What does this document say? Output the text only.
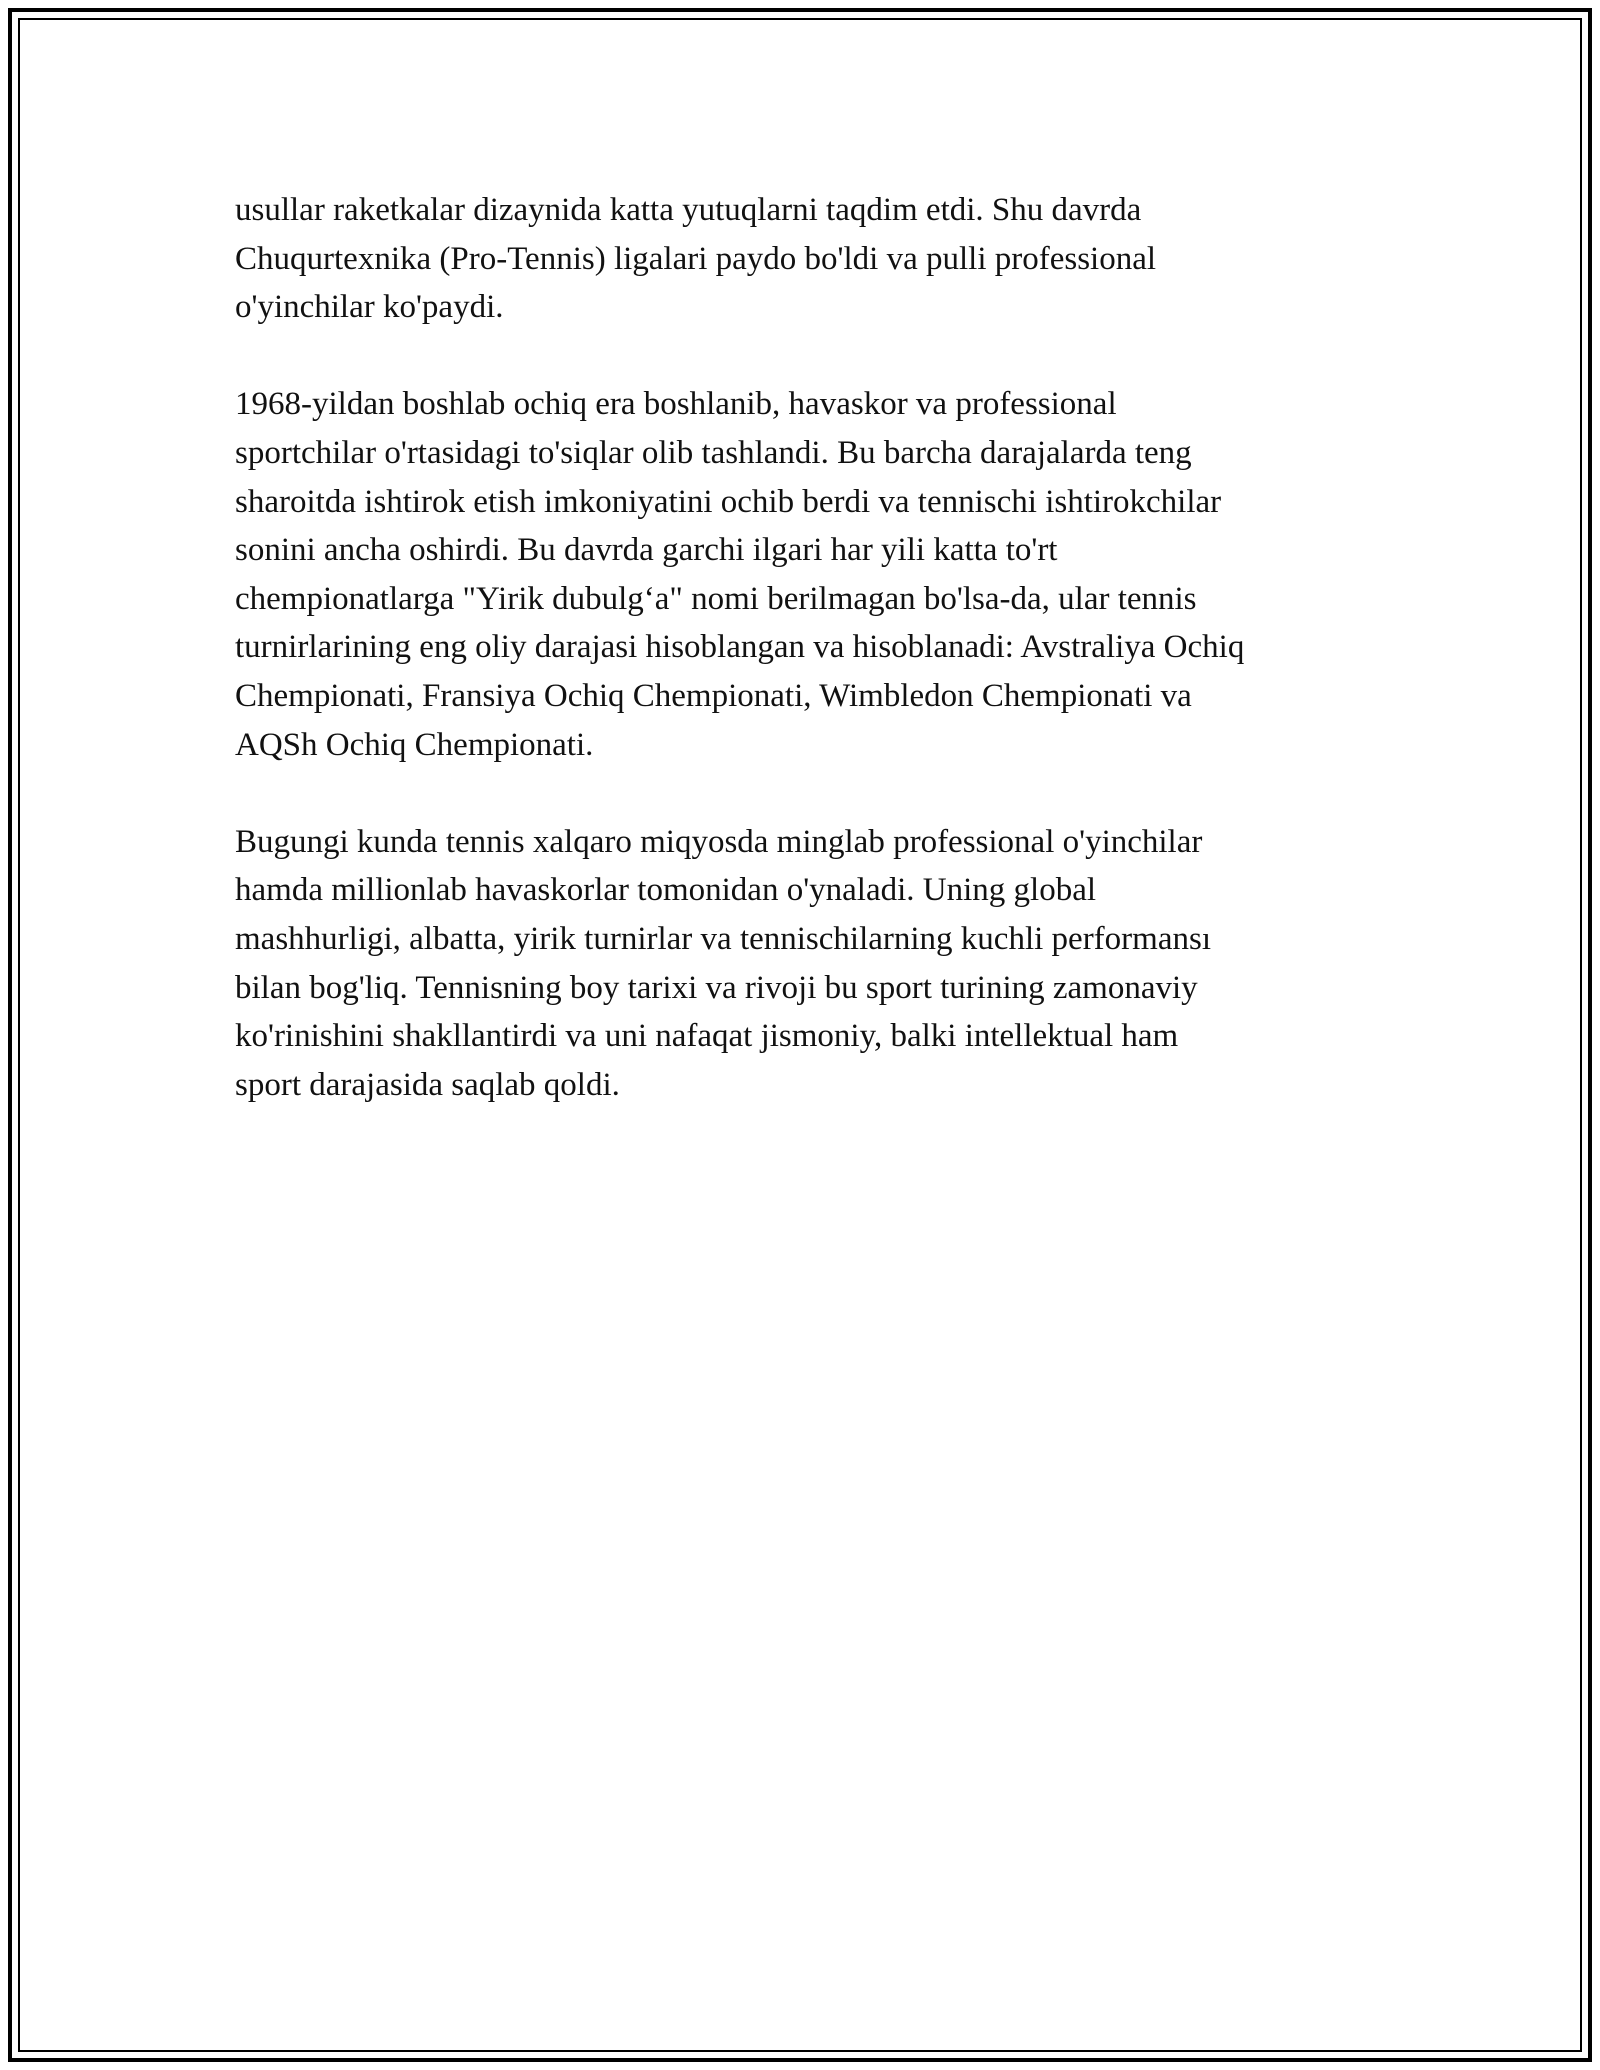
usullar raketkalar dizaynida katta yutuqlarni taqdim etdi. Shu davrda
Chuqurtexnika (Pro-Tennis) ligalari paydo bo'ldi va pulli professional
o'yinchilar ko'paydi.

1968-yildan boshlab ochiq era boshlanib, havaskor va professional
sportchilar o'rtasidagi to'siqlar olib tashlandi. Bu barcha darajalarda teng
sharoitda ishtirok etish imkoniyatini ochib berdi va tennischi ishtirokchilar
sonini ancha oshirdi. Bu davrda garchi ilgari har yili katta to'rt
chempionatlarga "Yirik dubulg‘a" nomi berilmagan bo'lsa-da, ular tennis
turnirlarining eng oliy darajasi hisoblangan va hisoblanadi: Avstraliya Ochiq
Chempionati, Fransiya Ochiq Chempionati, Wimbledon Chempionati va
AQSh Ochiq Chempionati.

Bugungi kunda tennis xalqaro miqyosda minglab professional o'yinchilar
hamda millionlab havaskorlar tomonidan o'ynaladi. Uning global
mashhurligi, albatta, yirik turnirlar va tennischilarning kuchli performansı
bilan bog'liq. Tennisning boy tarixi va rivoji bu sport turining zamonaviy
ko'rinishini shakllantirdi va uni nafaqat jismoniy, balki intellektual ham
sport darajasida saqlab qoldi.
